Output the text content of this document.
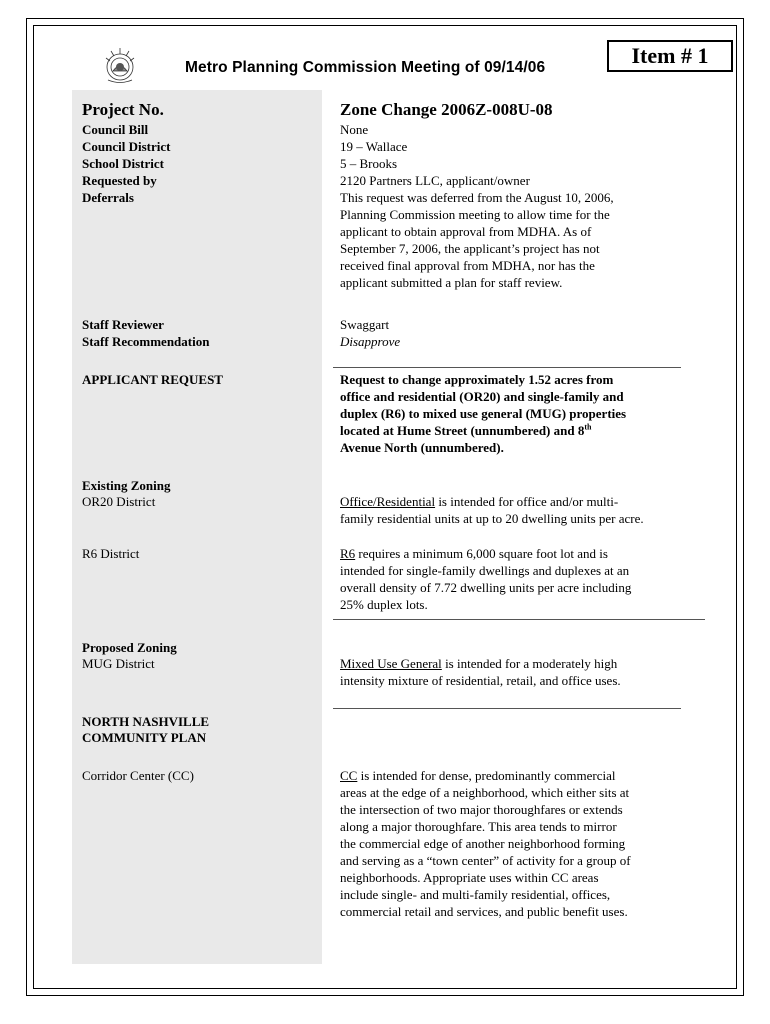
Metro Planning Commission Meeting of 09/14/06	Item # 1
Project No.	Zone Change 2006Z-008U-08
Council Bill	None
Council District	19 – Wallace
School District	5 – Brooks
Requested by	2120 Partners LLC, applicant/owner
Deferrals	This request was deferred from the August 10, 2006,
Planning Commission meeting to allow time for the
applicant to obtain approval from MDHA. As of
September 7, 2006, the applicant’s project has not
received final approval from MDHA, nor has the
applicant submitted a plan for staff review.
Staff Reviewer	Swaggart
Staff Recommendation	Disapprove
APPLICANT REQUEST	Request to change approximately 1.52 acres from
office and residential (OR20) and single-family and
duplex (R6) to mixed use general (MUG) properties
located at Hume Street (unnumbered) and 8th
Avenue North (unnumbered).
Existing Zoning
OR20 District	Office/Residential is intended for office and/or multi-
family residential units at up to 20 dwelling units per acre.
R6 District	R6 requires a minimum 6,000 square foot lot and is
intended for single-family dwellings and duplexes at an
overall density of 7.72 dwelling units per acre including
25% duplex lots.
Proposed Zoning
MUG District	Mixed Use General is intended for a moderately high
intensity mixture of residential, retail, and office uses.
NORTH NASHVILLE
COMMUNITY PLAN
Corridor Center (CC)	CC is intended for dense, predominantly commercial
areas at the edge of a neighborhood, which either sits at
the intersection of two major thoroughfares or extends
along a major thoroughfare. This area tends to mirror
the commercial edge of another neighborhood forming
and serving as a “town center” of activity for a group of
neighborhoods. Appropriate uses within CC areas
include single- and multi-family residential, offices,
commercial retail and services, and public benefit uses.
